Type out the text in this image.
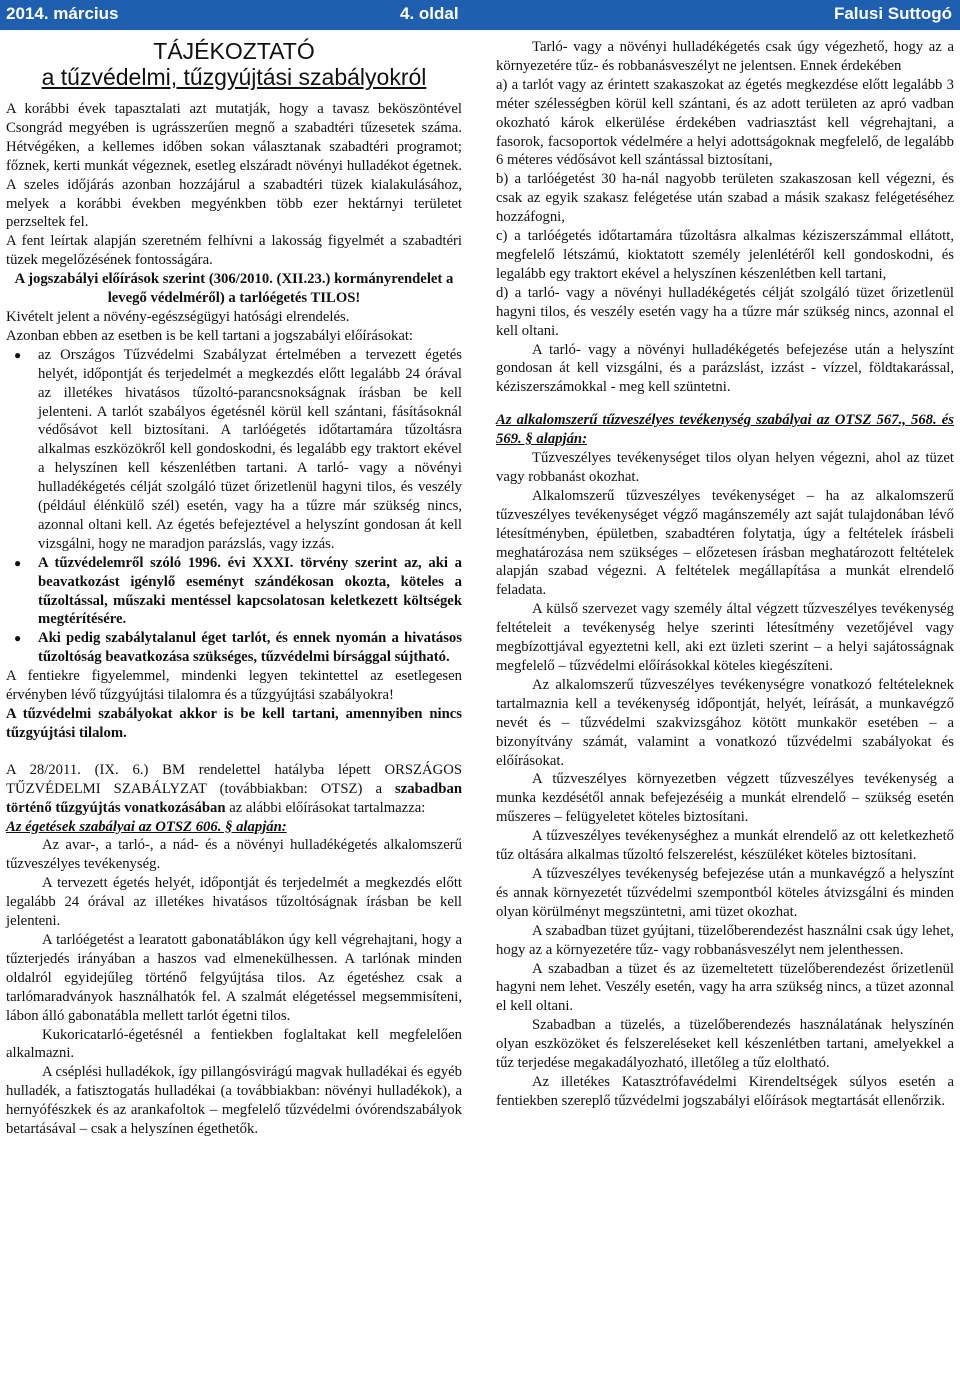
2014. március	4. oldal	Falusi Suttogó
TÁJÉKOZTATÓ
a tűzvédelmi, tűzgyújtási szabályokról

A korábbi évek tapasztalati azt mutatják, hogy a tavasz beköszöntével Csongrád megyében is ugrásszerűen megnő a szabadtéri tűzesetek száma. Hétvégéken, a kellemes időben sokan választanak szabadtéri programot; főznek, kerti munkát végeznek, esetleg elszáradt növényi hulladékot égetnek. A szeles időjárás azonban hozzájárul a szabadtéri tüzek kialakulásához, melyek a korábbi években megyénkben több ezer hektárnyi területet perzseltek fel.

A fent leírtak alapján szeretném felhívni a lakosság figyelmét a szabadtéri tüzek megelőzésének fontosságára.

A jogszabályi előírások szerint (306/2010. (XII.23.) kormányrendelet a levegő védelméről) a tarlóégetés TILOS!

Kivételt jelent a növény-egészségügyi hatósági elrendelés.

Azonban ebben az esetben is be kell tartani a jogszabályi előírásokat:

● az Országos Tűzvédelmi Szabályzat értelmében a tervezett égetés helyét, időpontját és terjedelmét a megkezdés előtt legalább 24 órával az illetékes hivatásos tűzoltó-parancsnokságnak írásban be kell jelenteni. A tarlót szabályos égetésnél körül kell szántani, fásításoknál védősávot kell biztosítani. A tarlóégetés időtartamára tűzoltásra alkalmas eszközökről kell gondoskodni, és legalább egy traktort ekével a helyszínen kell készenlétben tartani. A tarló- vagy a növényi hulladékégetés célját szolgáló tüzet őrizetlenül hagyni tilos, és veszély (például élénkülő szél) esetén, vagy ha a tűzre már szükség nincs, azonnal oltani kell. Az égetés befejeztével a helyszínt gondosan át kell vizsgálni, hogy ne maradjon parázslás, vagy izzás.
● A tűzvédelemről szóló 1996. évi XXXI. törvény szerint az, aki a beavatkozást igénylő eseményt szándékosan okozta, köteles a tűzoltással, műszaki mentéssel kapcsolatosan keletkezett költségek megtérítésére.
● Aki pedig szabálytalanul éget tarlót, és ennek nyomán a hivatásos tűzoltóság beavatkozása szükséges, tűzvédelmi bírsággal sújtható.

A fentiekre figyelemmel, mindenki legyen tekintettel az esetlegesen érvényben lévő tűzgyújtási tilalomra és a tűzgyújtási szabályokra!

A tűzvédelmi szabályokat akkor is be kell tartani, amennyiben nincs tűzgyújtási tilalom.

A 28/2011. (IX. 6.) BM rendelettel hatályba lépett ORSZÁGOS TŰZVÉDELMI SZABÁLYZAT (továbbiakban: OTSZ) a szabadban történő tűzgyújtás vonatkozásában az alábbi előírásokat tartalmazza:

Az égetések szabályai az OTSZ 606. § alapján:

Az avar-, a tarló-, a nád- és a növényi hulladékégetés alkalomszerű tűzveszélyes tevékenység.

A tervezett égetés helyét, időpontját és terjedelmét a megkezdés előtt legalább 24 órával az illetékes hivatásos tűzoltóságnak írásban be kell jelenteni.

A tarlóégetést a learatott gabonatáblákon úgy kell végrehajtani, hogy a tűzterjedés irányában a haszos vad elmenekülhessen. A tarlónak minden oldalról egyidejűleg történő felgyújtása tilos. Az égetéshez csak a tarlómaradványok használhatók fel. A szalmát elégetéssel megsemmisíteni, lábon álló gabonatábla mellett tarlót égetni tilos.

Kukoricatarló-égetésnél a fentiekben foglaltakat kell megfelelően alkalmazni.

A cséplési hulladékok, így pillangósvirágú magvak hulladékai és egyéb hulladék, a fatisztogatás hulladékai (a továbbiakban: növényi hulladékok), a hernyófészkek és az arankafoltok – megfelelő tűzvédelmi óvórendszabályok betartásával – csak a helyszínen égethetők.

Tarló- vagy a növényi hulladékégetés csak úgy végezhető, hogy az a környezetére tűz- és robbanásveszélyt ne jelentsen. Ennek érdekében

a) a tarlót vagy az érintett szakaszokat az égetés megkezdése előtt legalább 3 méter szélességben körül kell szántani, és az adott területen az apró vadban okozható károk elkerülése érdekében vadriasztást kell végrehajtani, a fasorok, facsoportok védelmére a helyi adottságoknak megfelelő, de legalább 6 méteres védősávot kell szántással biztosítani,

b) a tarlóégetést 30 ha-nál nagyobb területen szakaszosan kell végezni, és csak az egyik szakasz felégetése után szabad a másik szakasz felégetéséhez hozzáfogni,

c) a tarlóégetés időtartamára tűzoltásra alkalmas kéziszerszámmal ellátott, megfelelő létszámú, kioktatott személy jelenlétéről kell gondoskodni, és legalább egy traktort ekével a helyszínen készenlétben kell tartani,

d) a tarló- vagy a növényi hulladékégetés célját szolgáló tüzet őrizetlenül hagyni tilos, és veszély esetén vagy ha a tűzre már szükség nincs, azonnal el kell oltani.

A tarló- vagy a növényi hulladékégetés befejezése után a helyszínt gondosan át kell vizsgálni, és a parázslást, izzást - vízzel, földtakarással, kéziszerszámokkal - meg kell szüntetni.

Az alkalomszerű tűzveszélyes tevékenység szabályai az OTSZ 567., 568. és 569. § alapján:

Tűzveszélyes tevékenységet tilos olyan helyen végezni, ahol az tüzet vagy robbanást okozhat.

Alkalomszerű tűzveszélyes tevékenységet – ha az alkalomszerű tűzveszélyes tevékenységet végző magánszemély azt saját tulajdonában lévő létesítményben, épületben, szabadtéren folytatja, úgy a feltételek írásbeli meghatározása nem szükséges – előzetesen írásban meghatározott feltételek alapján szabad végezni. A feltételek megállapítása a munkát elrendelő feladata.

A külső szervezet vagy személy által végzett tűzveszélyes tevékenység feltételeit a tevékenység helye szerinti létesítmény vezetőjével vagy megbízottjával egyeztetni kell, aki ezt üzleti szerint – a helyi sajátosságnak megfelelő – tűzvédelmi előírásokkal köteles kiegészíteni.

Az alkalomszerű tűzveszélyes tevékenységre vonatkozó feltételeknek tartalmaznia kell a tevékenység időpontját, helyét, leírását, a munkavégző nevét és – tűzvédelmi szakvizsgához kötött munkakör esetében – a bizonyítvány számát, valamint a vonatkozó tűzvédelmi szabályokat és előírásokat.

A tűzveszélyes környezetben végzett tűzveszélyes tevékenység a munka kezdésétől annak befejezéséig a munkát elrendelő – szükség esetén műszeres – felügyeletet köteles biztosítani.

A tűzveszélyes tevékenységhez a munkát elrendelő az ott keletkezhető tűz oltására alkalmas tűzoltó felszerelést, készüléket köteles biztosítani.

A tűzveszélyes tevékenység befejezése után a munkavégző a helyszínt és annak környezetét tűzvédelmi szempontból köteles átvizsgálni és minden olyan körülményt megszüntetni, ami tüzet okozhat.

A szabadban tüzet gyújtani, tüzelőberendezést használni csak úgy lehet, hogy az a környezetére tűz- vagy robbanásveszélyt nem jelenthessen.

A szabadban a tüzet és az üzemeltetett tüzelőberendezést őrizetlenül hagyni nem lehet. Veszély esetén, vagy ha arra szükség nincs, a tüzet azonnal el kell oltani.

Szabadban a tüzelés, a tüzelőberendezés használatának helyszínén olyan eszközöket és felszereléseket kell készenlétben tartani, amelyekkel a tűz terjedése megakadályozható, illetőleg a tűz eloltható.

Az illetékes Katasztrófavédelmi Kirendeltségek súlyos esetén a fentiekben szereplő tűzvédelmi jogszabályi előírások megtartását ellenőrzik.
